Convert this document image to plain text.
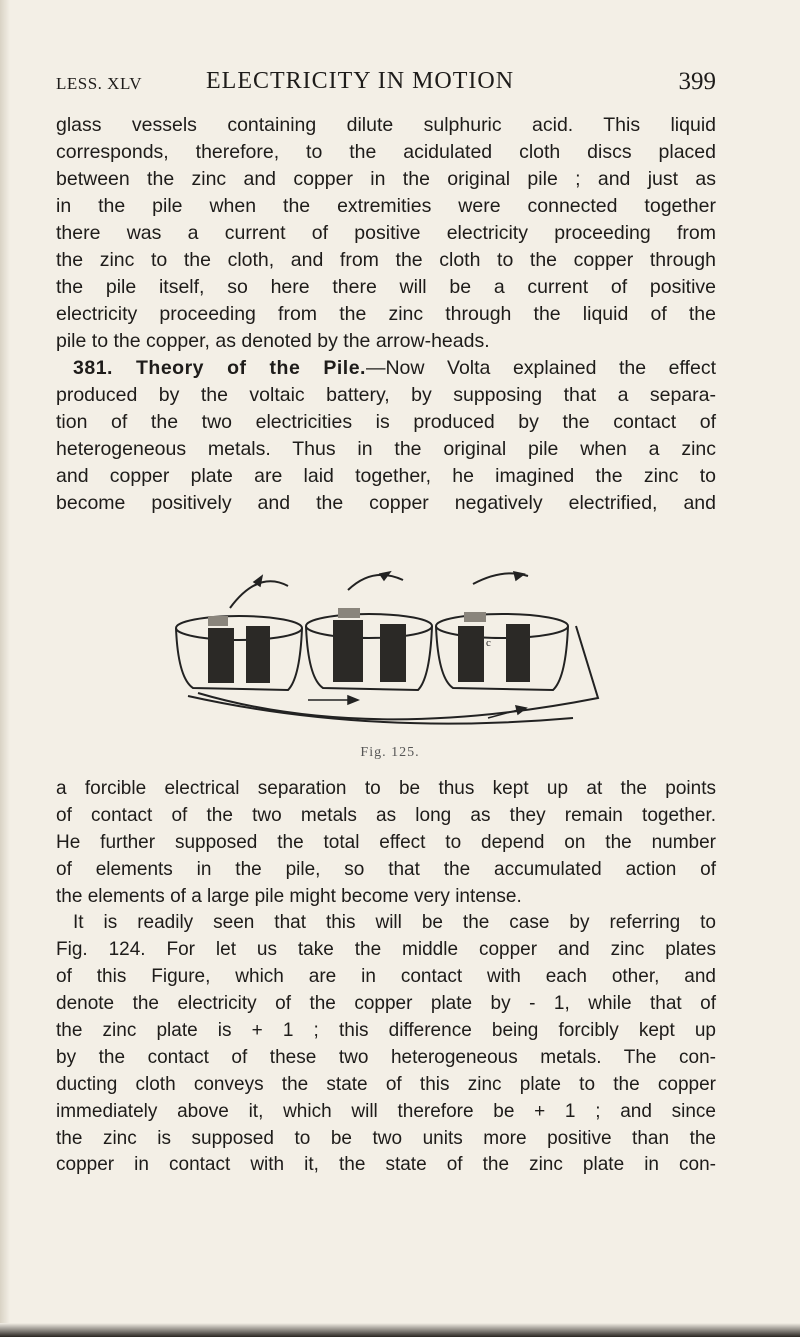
LESS. XLV	ELECTRICITY IN MOTION	399
glass vessels containing dilute sulphuric acid. This liquid
corresponds, therefore, to the acidulated cloth discs placed
between the zinc and copper in the original pile ; and just as
in the pile when the extremities were connected together
there was a current of positive electricity proceeding from
the zinc to the cloth, and from the cloth to the copper through
the pile itself, so here there will be a current of positive
electricity proceeding from the zinc through the liquid of the
pile to the copper, as denoted by the arrow-heads.
381. Theory of the Pile.—Now Volta explained the effect
produced by the voltaic battery, by supposing that a separa-
tion of the two electricities is produced by the contact of
heterogeneous metals. Thus in the original pile when a zinc
and copper plate are laid together, he imagined the zinc to
become positively and the copper negatively electrified, and
c
Fig. 125.
a forcible electrical separation to be thus kept up at the points
of contact of the two metals as long as they remain together.
He further supposed the total effect to depend on the number
of elements in the pile, so that the accumulated action of
the elements of a large pile might become very intense.
It is readily seen that this will be the case by referring to
Fig. 124. For let us take the middle copper and zinc plates
of this Figure, which are in contact with each other, and
denote the electricity of the copper plate by - 1, while that of
the zinc plate is + 1 ; this difference being forcibly kept up
by the contact of these two heterogeneous metals. The con-
ducting cloth conveys the state of this zinc plate to the copper
immediately above it, which will therefore be + 1 ; and since
the zinc is supposed to be two units more positive than the
copper in contact with it, the state of the zinc plate in con-
